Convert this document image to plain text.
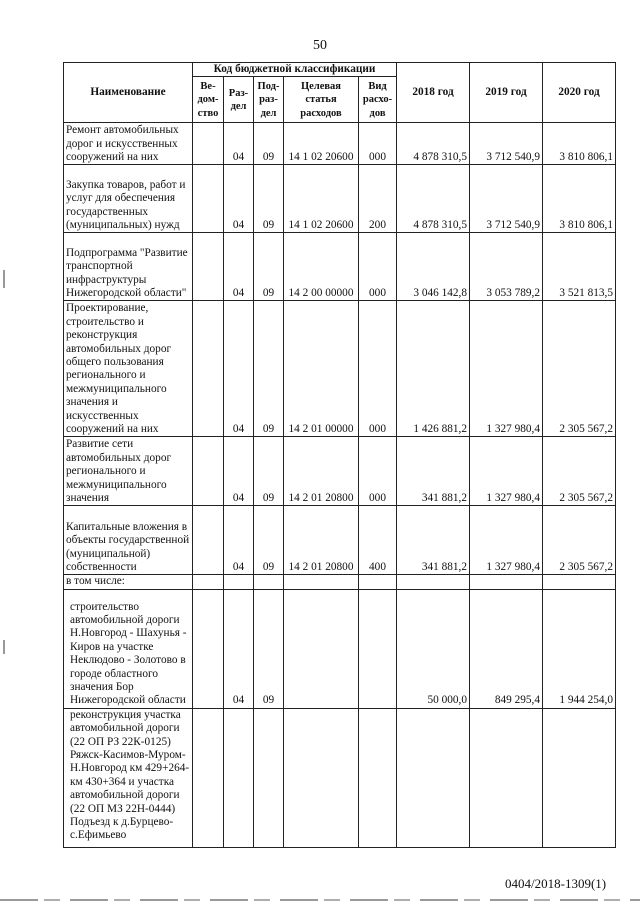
50
Наименование	Код бюджетной классификации					2018 год	2019 год	2020 год
	Ве-дом-ство	Раз-дел	Под-раз-дел	Целевая статья расходов	Вид расхо-дов			
Ремонт автомобильных дорог и искусственных сооружений на них		04	09	14 1 02 20600	000	4 878 310,5	3 712 540,9	3 810 806,1
Закупка товаров, работ и услуг для обеспечения государственных (муниципальных) нужд		04	09	14 1 02 20600	200	4 878 310,5	3 712 540,9	3 810 806,1
Подпрограмма "Развитие транспортной инфраструктуры Нижегородской области"		04	09	14 2 00 00000	000	3 046 142,8	3 053 789,2	3 521 813,5
Проектирование, строительство и реконструкция автомобильных дорог общего пользования регионального и межмуниципального значения и искусственных сооружений на них		04	09	14 2 01 00000	000	1 426 881,2	1 327 980,4	2 305 567,2
Развитие сети автомобильных дорог регионального и межмуниципального значения		04	09	14 2 01 20800	000	341 881,2	1 327 980,4	2 305 567,2
Капитальные вложения в объекты государственной (муниципальной) собственности		04	09	14 2 01 20800	400	341 881,2	1 327 980,4	2 305 567,2
в том числе:								
строительство автомобильной дороги Н.Новгород - Шахунья - Киров на участке Неклюдово - Золотово в городе областного значения Бор Нижегородской области		04	09			50 000,0	849 295,4	1 944 254,0
реконструкция участка автомобильной дороги (22 ОП РЗ 22К-0125) Ряжск-Касимов-Муром-Н.Новгород км 429+264- км 430+364 и участка автомобильной дороги (22 ОП МЗ 22Н-0444) Подъезд к д.Бурцево-с.Ефимьево								
0404/2018-1309(1)
